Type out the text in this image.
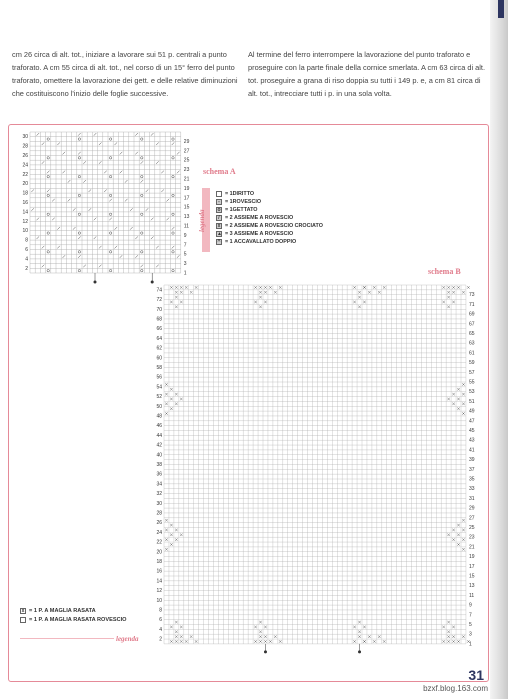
cm 26 circa di alt. tot., iniziare a lavorare sui 51 p. centrali a punto traforato. A cm 55 circa di alt. tot., nel corso di un 15° ferro del punto traforato, omettere la lavorazione dei gett. e delle relative diminuzioni che costituiscono l'inizio delle foglie successive.

Al termine del ferro interrompere la lavorazione del punto traforato e proseguire con la parte finale della cornice smerlata. A cm 63 circa di alt. tot. proseguire a grana di riso doppia su tutti i 149 p. e, a cm 81 circa di alt. tot., intrecciare tutti i p. in una sola volta.

30
28
26
24
22
20
18
16
14
12
10
8
6
4
2
29
27
25
23
21
19
17
15
13
11
9
7
5
3
1
schema A
legenda
= 1DIRITTO
- = 1ROVESCIO
o = 1GETTATO
/ = 2 ASSIEME A ROVESCIO
x = 2 ASSIEME A ROVESCIO CROCIATO
▲ = 3 ASSIEME A ROVESCIO
^ = 1 ACCAVALLATO DOPPIO
schema B
74
72
70
68
66
64
62
60
58
56
54
52
50
48
46
44
42
40
38
36
34
32
30
28
26
24
22
20
18
16
14
12
10
8
6
4
2
73
71
69
67
65
63
61
59
57
55
53
51
49
47
45
43
41
39
37
35
33
31
29
27
25
23
21
19
17
15
13
11
9
7
5
3
1
x = 1 P. A MAGLIA RASATA
= 1 P. A MAGLIA RASATA ROVESCIO
legenda
31
bzxf.blog.163.com
